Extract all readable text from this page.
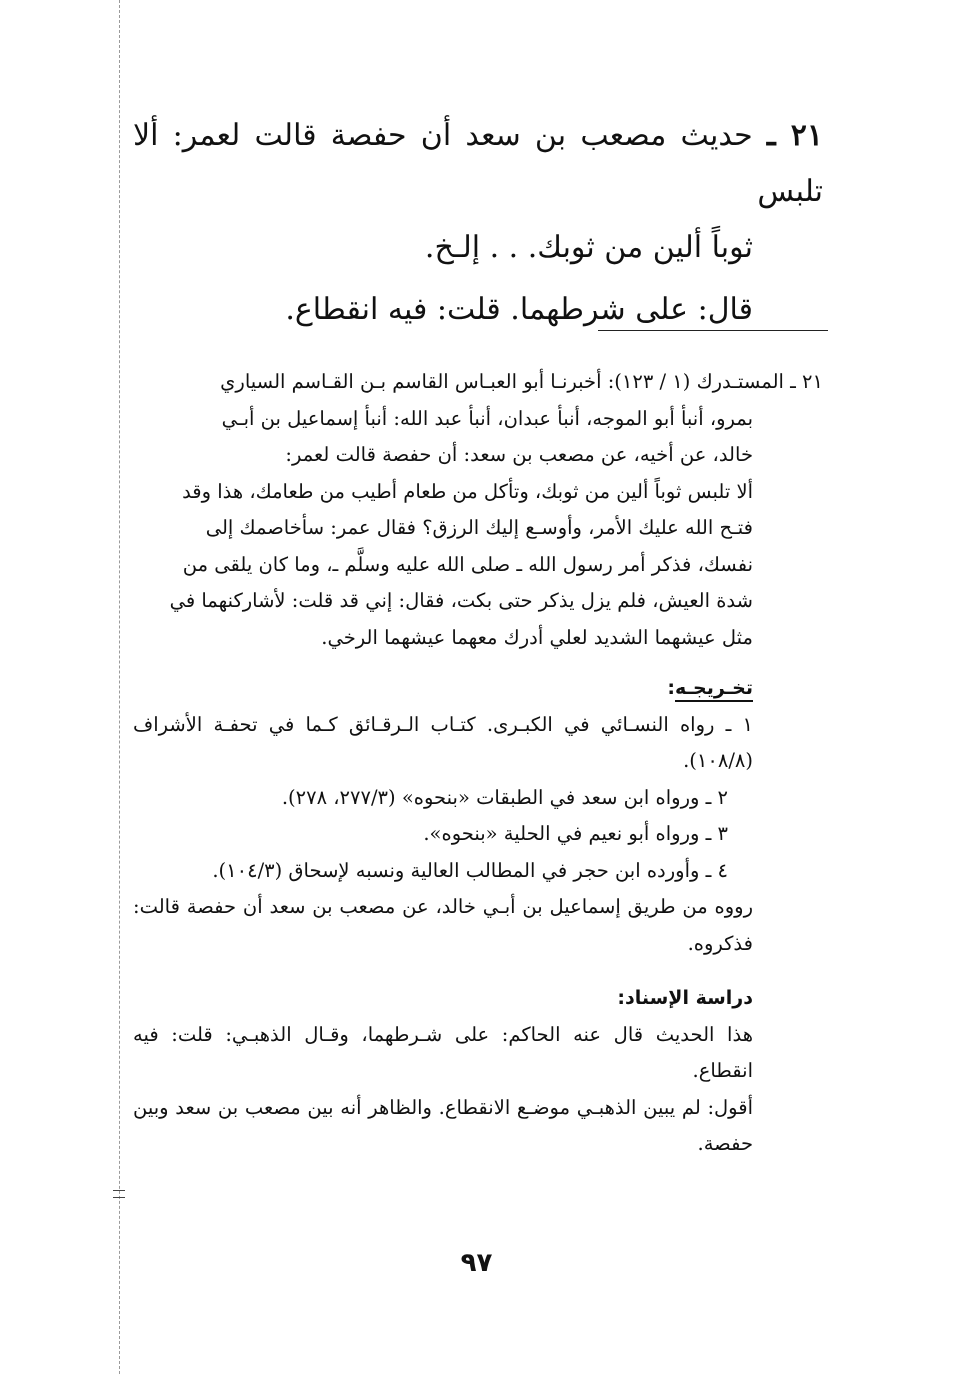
٢١ ـ حديث مصعب بن سعد أن حفصة قالت لعمر: ألا تلبس
ثوباً ألين من ثوبك. . . إلـخ.
قال: على شرطهما. قلت: فيه انقطاع.

٢١ ـ المستـدرك (١ / ١٢٣): أخبرنـا أبو العبـاس القاسم بـن القـاسم السياري

بمرو، أنبأ أبو الموجه، أنبأ عبدان، أنبأ عبد الله: أنبأ إسماعيل بن أبـي

خالد، عن أخيه، عن مصعب بن سعد: أن حفصة قالت لعمر:

ألا تلبس ثوباً ألين من ثوبك، وتأكل من طعام أطيب من طعامك، هذا وقد

فتـح الله عليك الأمر، وأوسـع إليك الرزق؟ فقال عمر: سأخاصمك إلى

نفسك، فذكر أمر رسول الله ـ صلى الله عليه وسلَّم ـ، وما كان يلقى من

شدة العيش، فلم يزل يذكر حتى بكت، فقال: إني قد قلت: لأشاركنهما في

مثل عيشهما الشديد لعلي أدرك معهما عيشهما الرخي.

تخـريجـه:

١ ـ رواه النسـائي في الكبـرى. كتـاب الـرقـائق كـما في تحفـة الأشراف (١٠٨/٨).

٢ ـ ورواه ابن سعد في الطبقات «بنحوه» (٢٧٧/٣، ٢٧٨).

٣ ـ ورواه أبو نعيم في الحلية «بنحوه».

٤ ـ وأورده ابن حجر في المطالب العالية ونسبه لإسحاق (١٠٤/٣).

رووه من طريق إسماعيل بن أبـي خالد، عن مصعب بن سعد أن حفصة قالت: فذكروه.

دراسة الإسناد:

هذا الحديث قال عنه الحاكم: على شـرطهما، وقـال الذهبـي: قلت: فيه انقطاع.

أقول: لم يبين الذهبـي موضـع الانقطاع. والظاهر أنه بين مصعب بن سعد وبين حفصة.

٩٧
